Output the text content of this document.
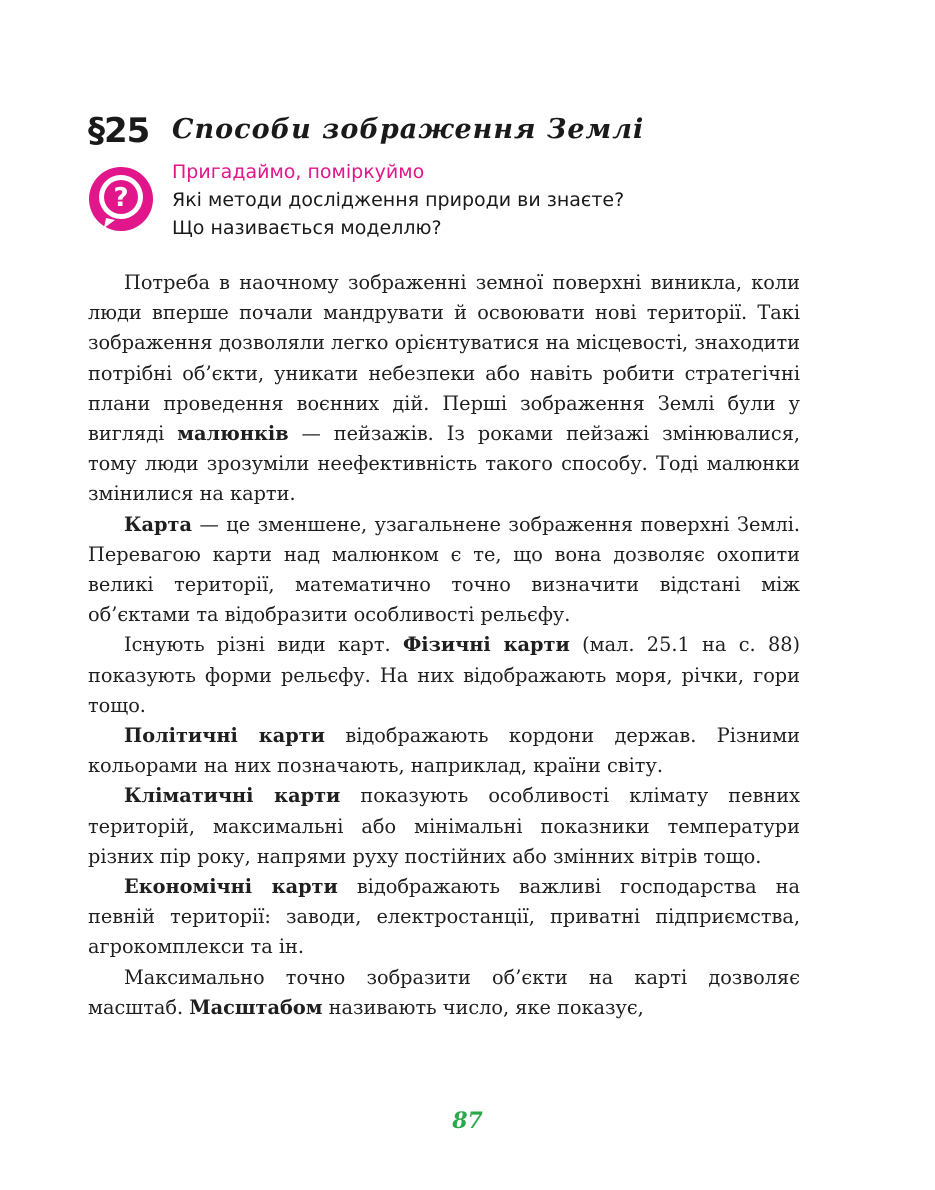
§25 Способи зображення Землі
?
Пригадаймо, поміркуймо
Які методи дослідження природи ви знаєте?
Що називається моделлю?

Потреба в наочному зображенні земної поверхні виникла, коли люди вперше почали мандрувати й освоювати нові території. Такі зображення дозволяли легко орієнтуватися на місцевості, знаходити потрібні об’єкти, уникати небезпеки або навіть робити стратегічні плани проведення воєнних дій. Перші зображення Землі були у вигляді малюнків — пейзажів. Із роками пейзажі змінювалися, тому люди зрозуміли неефективність такого способу. Тоді малюнки змінилися на карти.

Карта — це зменшене, узагальнене зображення поверхні Землі. Перевагою карти над малюнком є те, що вона дозволяє охопити великі території, математично точно визначити відстані між об’єктами та відобразити особливості рельєфу.

Існують різні види карт. Фізичні карти (мал. 25.1 на с. 88) показують форми рельєфу. На них відображають моря, річки, гори тощо.

Політичні карти відображають кордони держав. Різними кольорами на них позначають, наприклад, країни світу.

Кліматичні карти показують особливості клімату певних територій, максимальні або мінімальні показники температури різних пір року, напрями руху постійних або змінних вітрів тощо.

Економічні карти відображають важливі господарства на певній території: заводи, електростанції, приватні підприємства, агрокомплекси та ін.

Максимально точно зобразити об’єкти на карті дозволяє масштаб. Масштабом називають число, яке показує,

87
